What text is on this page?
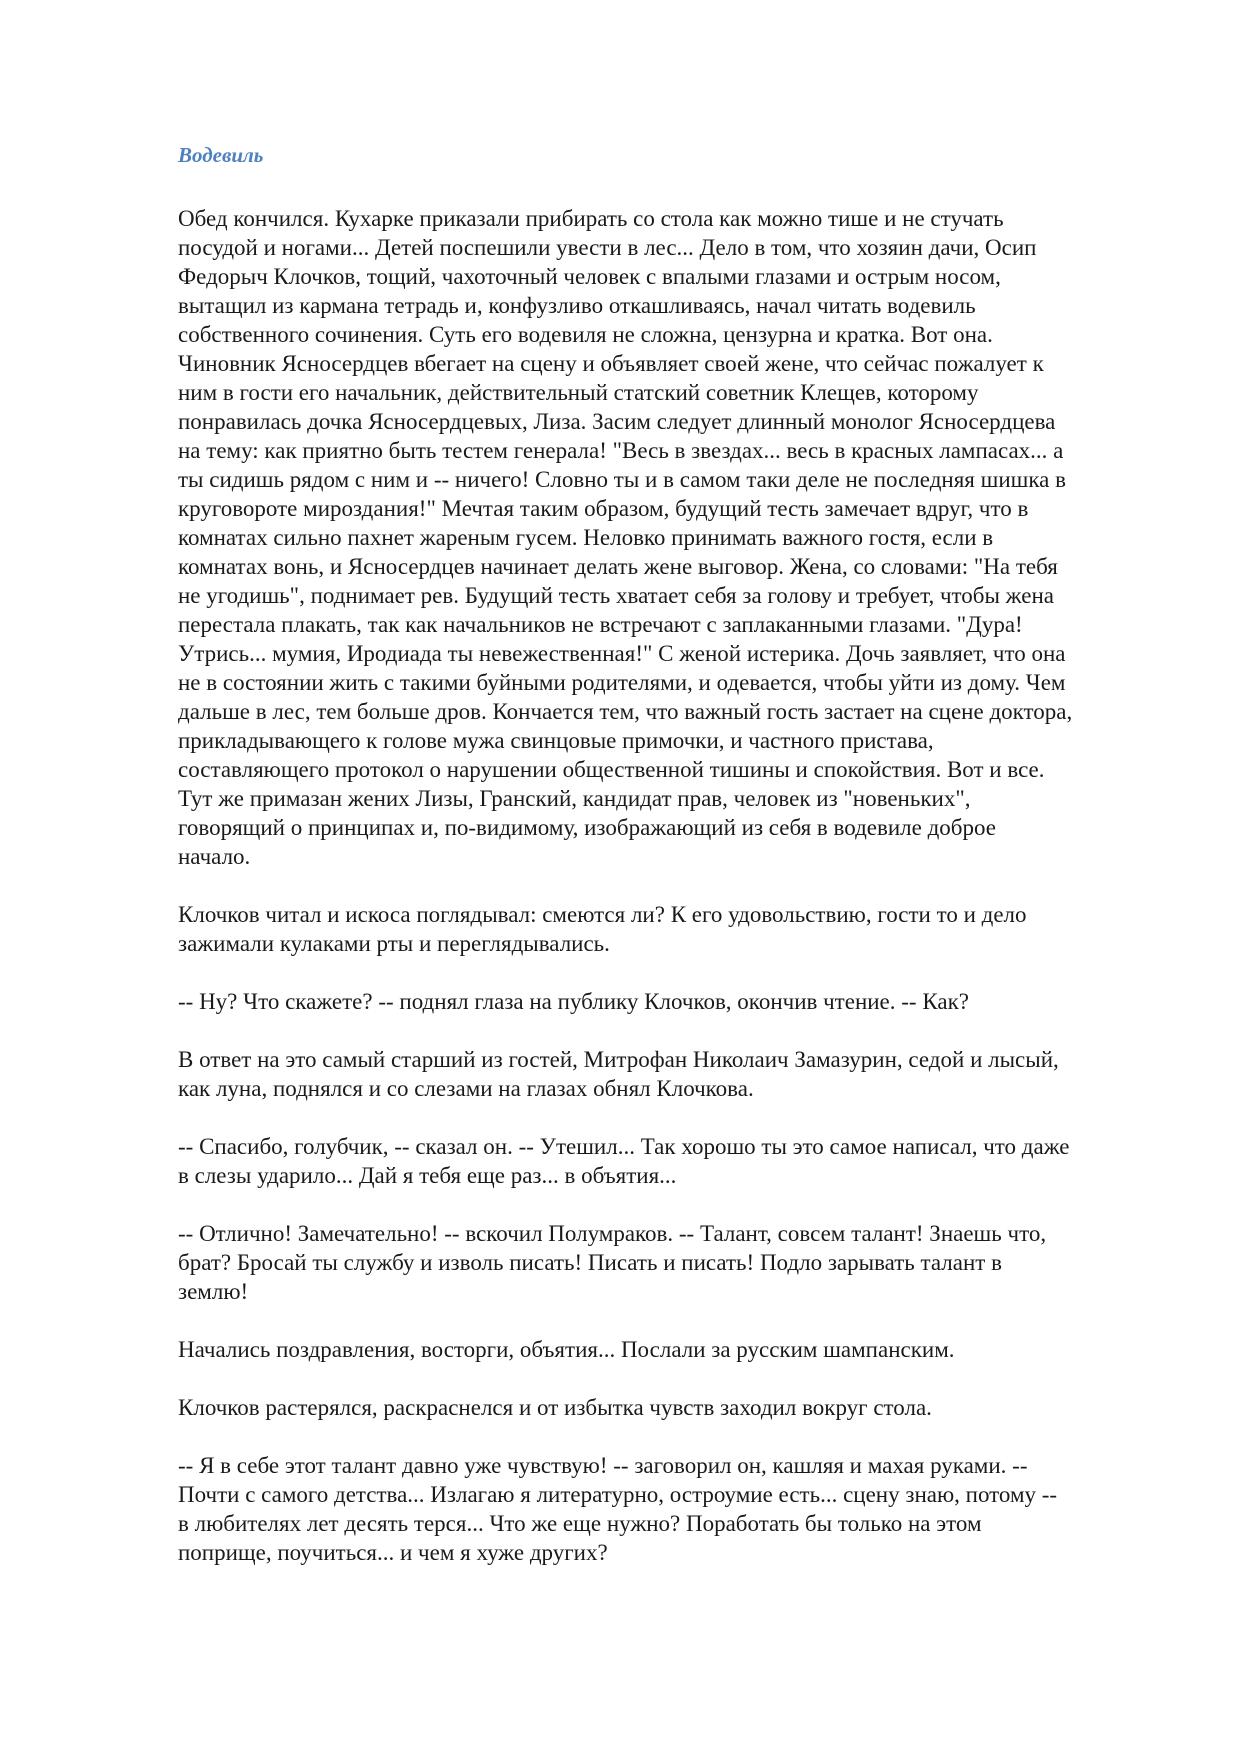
Водевиль

Обед кончился. Кухарке приказали прибирать со стола как можно тише и не стучать
посудой и ногами... Детей поспешили увести в лес... Дело в том, что хозяин дачи, Осип
Федорыч Клочков, тощий, чахоточный человек с впалыми глазами и острым носом,
вытащил из кармана тетрадь и, конфузливо откашливаясь, начал читать водевиль
собственного сочинения. Суть его водевиля не сложна, цензурна и кратка. Вот она.
Чиновник Ясносердцев вбегает на сцену и объявляет своей жене, что сейчас пожалует к
ним в гости его начальник, действительный статский советник Клещев, которому
понравилась дочка Ясносердцевых, Лиза. Засим следует длинный монолог Ясносердцева
на тему: как приятно быть тестем генерала! "Весь в звездах... весь в красных лампасах... а
ты сидишь рядом с ним и -- ничего! Словно ты и в самом таки деле не последняя шишка в
круговороте мироздания!" Мечтая таким образом, будущий тесть замечает вдруг, что в
комнатах сильно пахнет жареным гусем. Неловко принимать важного гостя, если в
комнатах вонь, и Ясносердцев начинает делать жене выговор. Жена, со словами: "На тебя
не угодишь", поднимает рев. Будущий тесть хватает себя за голову и требует, чтобы жена
перестала плакать, так как начальников не встречают с заплаканными глазами. "Дура!
Утрись... мумия, Иродиада ты невежественная!" С женой истерика. Дочь заявляет, что она
не в состоянии жить с такими буйными родителями, и одевается, чтобы уйти из дому. Чем
дальше в лес, тем больше дров. Кончается тем, что важный гость застает на сцене доктора,
прикладывающего к голове мужа свинцовые примочки, и частного пристава,
составляющего протокол о нарушении общественной тишины и спокойствия. Вот и все.
Тут же примазан жених Лизы, Гранский, кандидат прав, человек из "новеньких",
говорящий о принципах и, по-видимому, изображающий из себя в водевиле доброе
начало.

Клочков читал и искоса поглядывал: смеются ли? К его удовольствию, гости то и дело
зажимали кулаками рты и переглядывались.

-- Ну? Что скажете? -- поднял глаза на публику Клочков, окончив чтение. -- Как?

В ответ на это самый старший из гостей, Митрофан Николаич Замазурин, седой и лысый,
как луна, поднялся и со слезами на глазах обнял Клочкова.

-- Спасибо, голубчик, -- сказал он. -- Утешил... Так хорошо ты это самое написал, что даже
в слезы ударило... Дай я тебя еще раз... в объятия...

-- Отлично! Замечательно! -- вскочил Полумраков. -- Талант, совсем талант! Знаешь что,
брат? Бросай ты службу и изволь писать! Писать и писать! Подло зарывать талант в
землю!

Начались поздравления, восторги, объятия... Послали за русским шампанским.

Клочков растерялся, раскраснелся и от избытка чувств заходил вокруг стола.

-- Я в себе этот талант давно уже чувствую! -- заговорил он, кашляя и махая руками. --
Почти с самого детства... Излагаю я литературно, остроумие есть... сцену знаю, потому --
в любителях лет десять терся... Что же еще нужно? Поработать бы только на этом
поприще, поучиться... и чем я хуже других?
